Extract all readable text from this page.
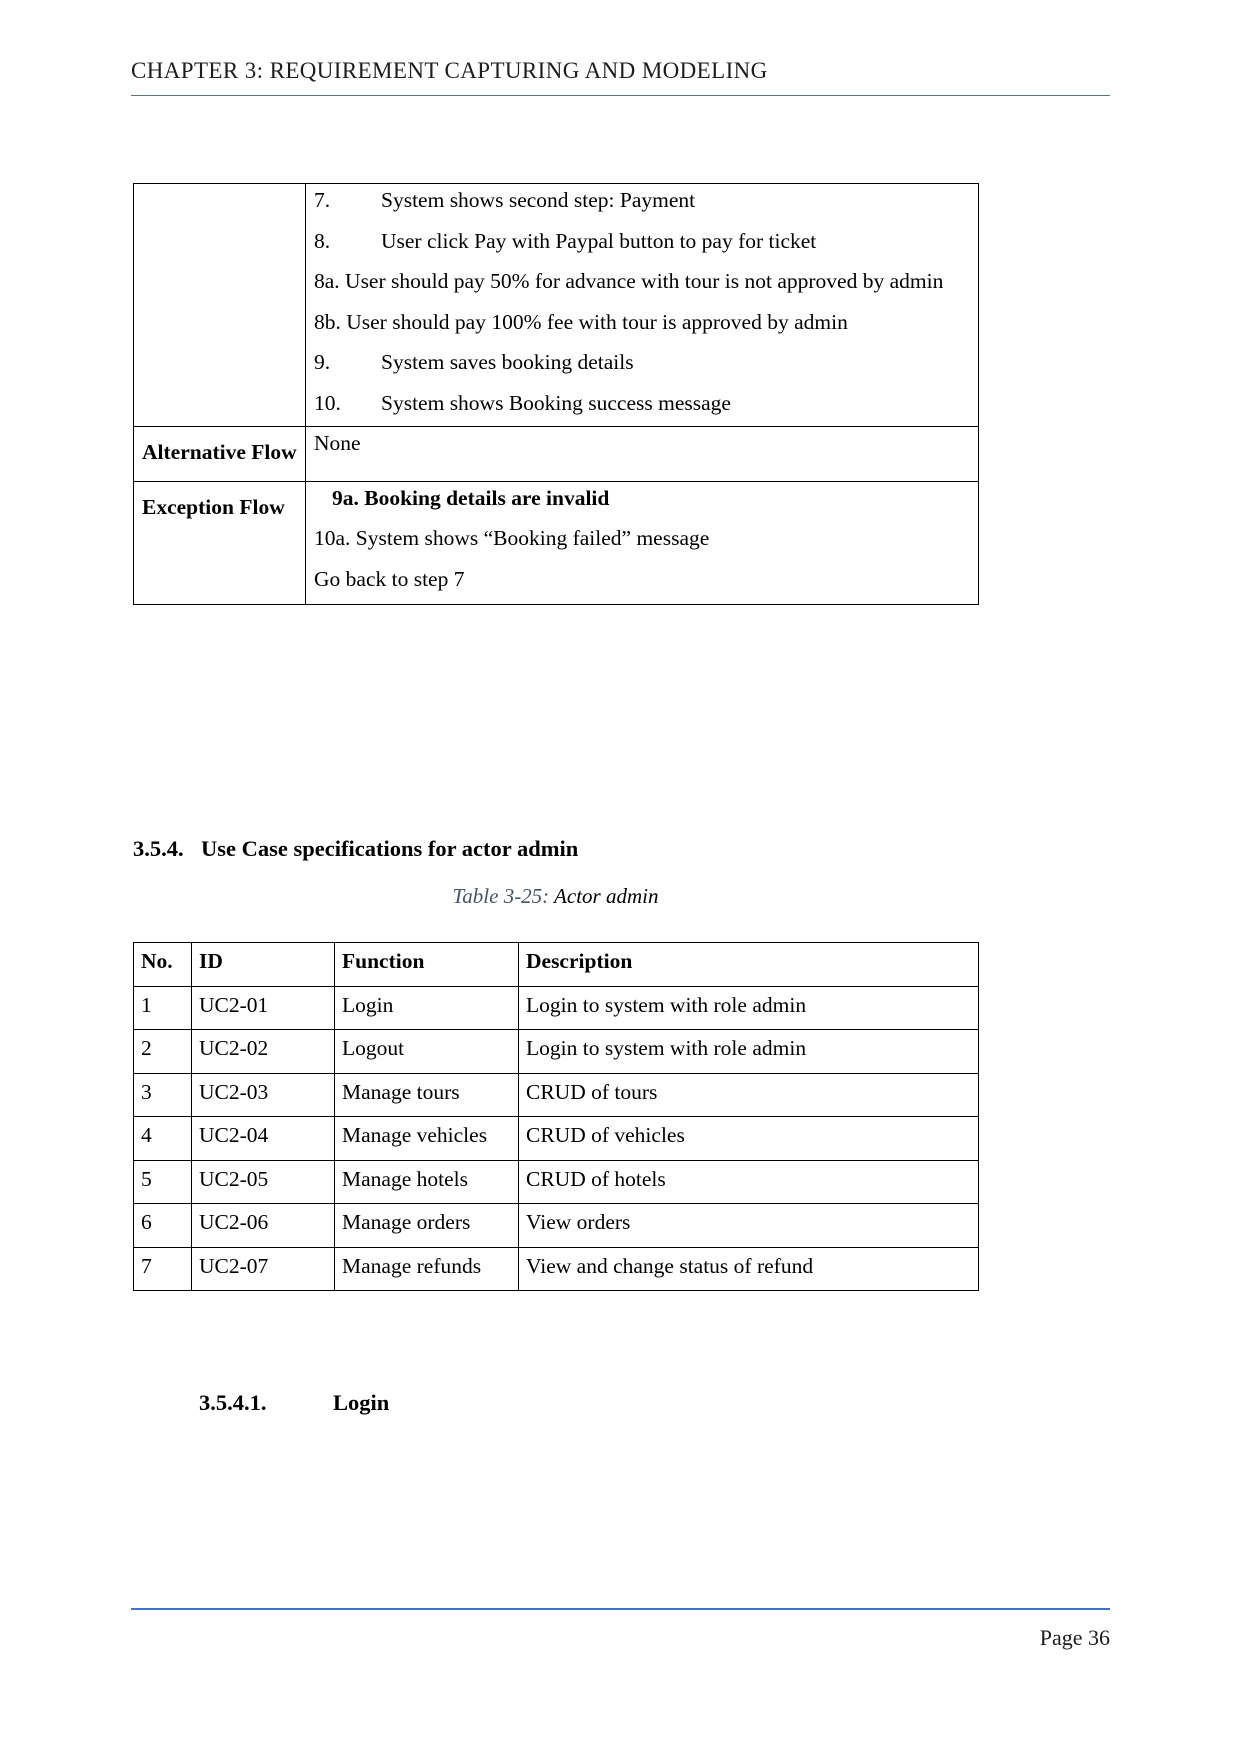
CHAPTER 3: REQUIREMENT CAPTURING AND MODELING

7. System shows second step: Payment
8. User click Pay with Paypal button to pay for ticket
8a. User should pay 50% for advance with tour is not approved by admin
8b. User should pay 100% fee with tour is approved by admin
9. System saves booking details
10. System shows Booking success message

Alternative Flow	None
Exception Flow	9a. Booking details are invalid
10a. System shows “Booking failed” message
Go back to step 7
3.5.4. Use Case specifications for actor admin
Table 3-25: Actor admin
No.	ID	Function	Description
1	UC2-01	Login	Login to system with role admin
2	UC2-02	Logout	Login to system with role admin
3	UC2-03	Manage tours	CRUD of tours
4	UC2-04	Manage vehicles	CRUD of vehicles
5	UC2-05	Manage hotels	CRUD of hotels
6	UC2-06	Manage orders	View orders
7	UC2-07	Manage refunds	View and change status of refund
3.5.4.1.	Login
Page 36
